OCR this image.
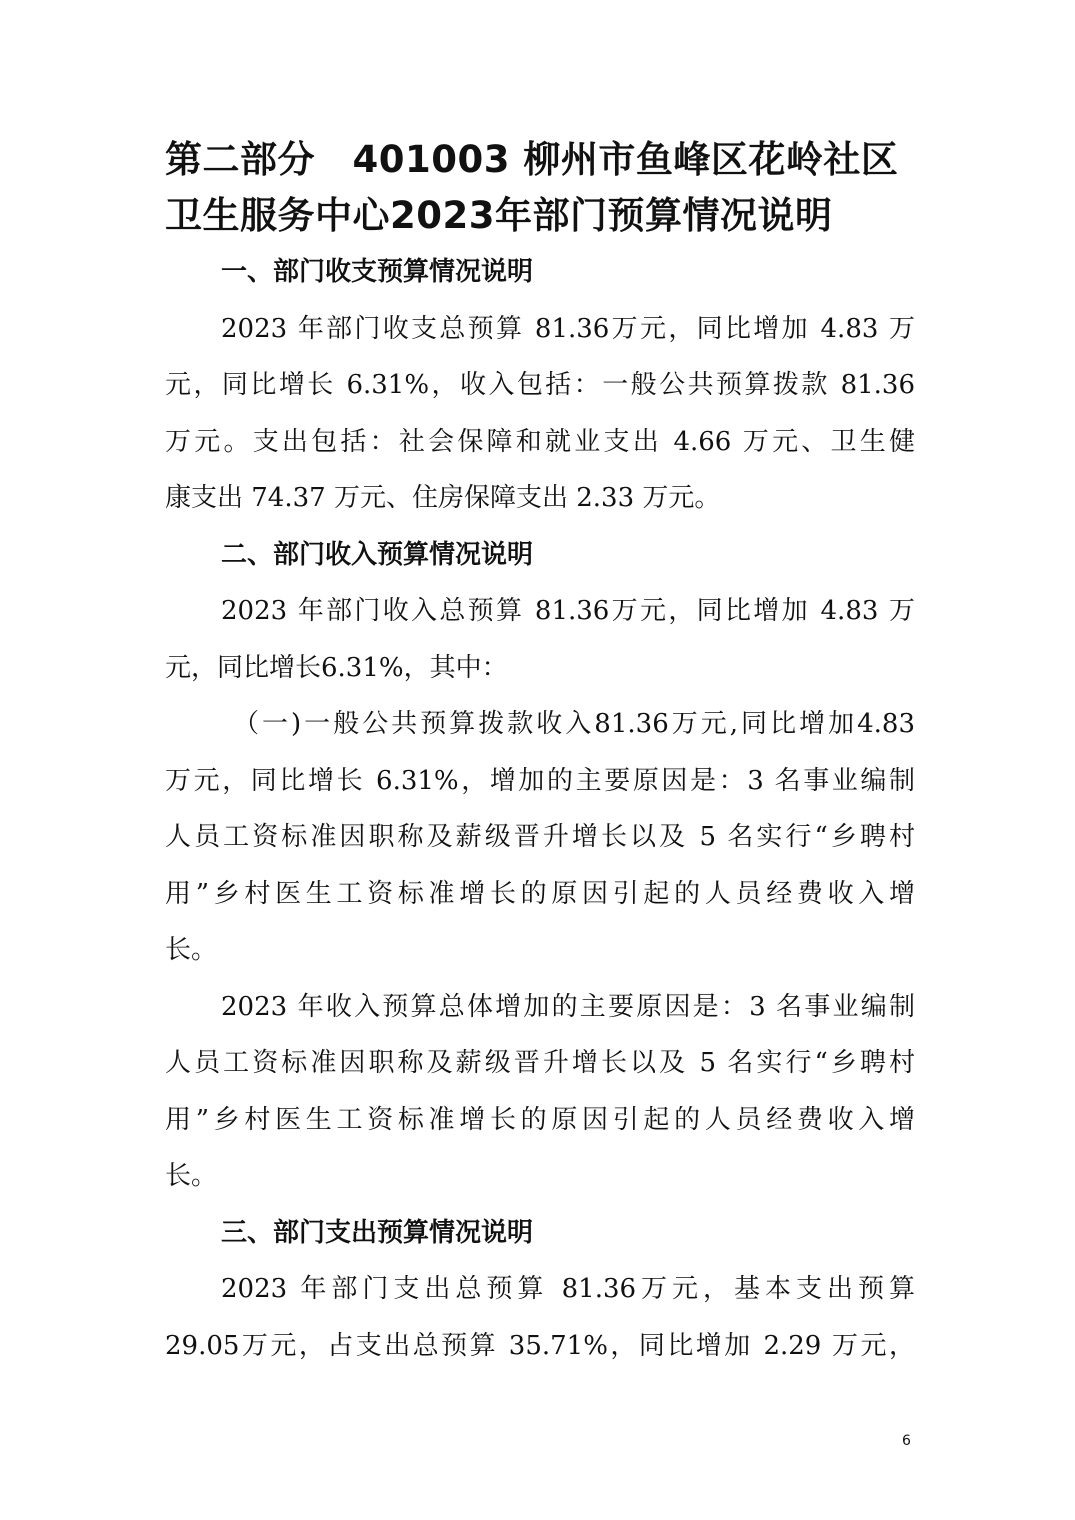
第二部分　401003 柳州市鱼峰区花岭社区
卫生服务中心2023年部门预算情况说明
一、部门收支预算情况说明

2023 年部门收支总预算 81.36万元，同比增加 4.83 万
元，同比增长 6.31%，收入包括：一般公共预算拨款 81.36
万元。支出包括：社会保障和就业支出 4.66 万元、卫生健
康支出 74.37 万元、住房保障支出 2.33 万元。

二、部门收入预算情况说明

2023 年部门收入总预算 81.36万元，同比增加 4.83 万
元，同比增长6.31%，其中：

（一)一般公共预算拨款收入81.36万元,同比增加4.83
万元，同比增长 6.31%，增加的主要原因是：3 名事业编制
人员工资标准因职称及薪级晋升增长以及 5 名实行“乡聘村
用”乡村医生工资标准增长的原因引起的人员经费收入增
长。

2023 年收入预算总体增加的主要原因是：3 名事业编制
人员工资标准因职称及薪级晋升增长以及 5 名实行“乡聘村
用”乡村医生工资标准增长的原因引起的人员经费收入增
长。

三、部门支出预算情况说明

2023 年部门支出总预算 81.36万元，基本支出预算
29.05万元，占支出总预算 35.71%，同比增加 2.29 万元，

6
